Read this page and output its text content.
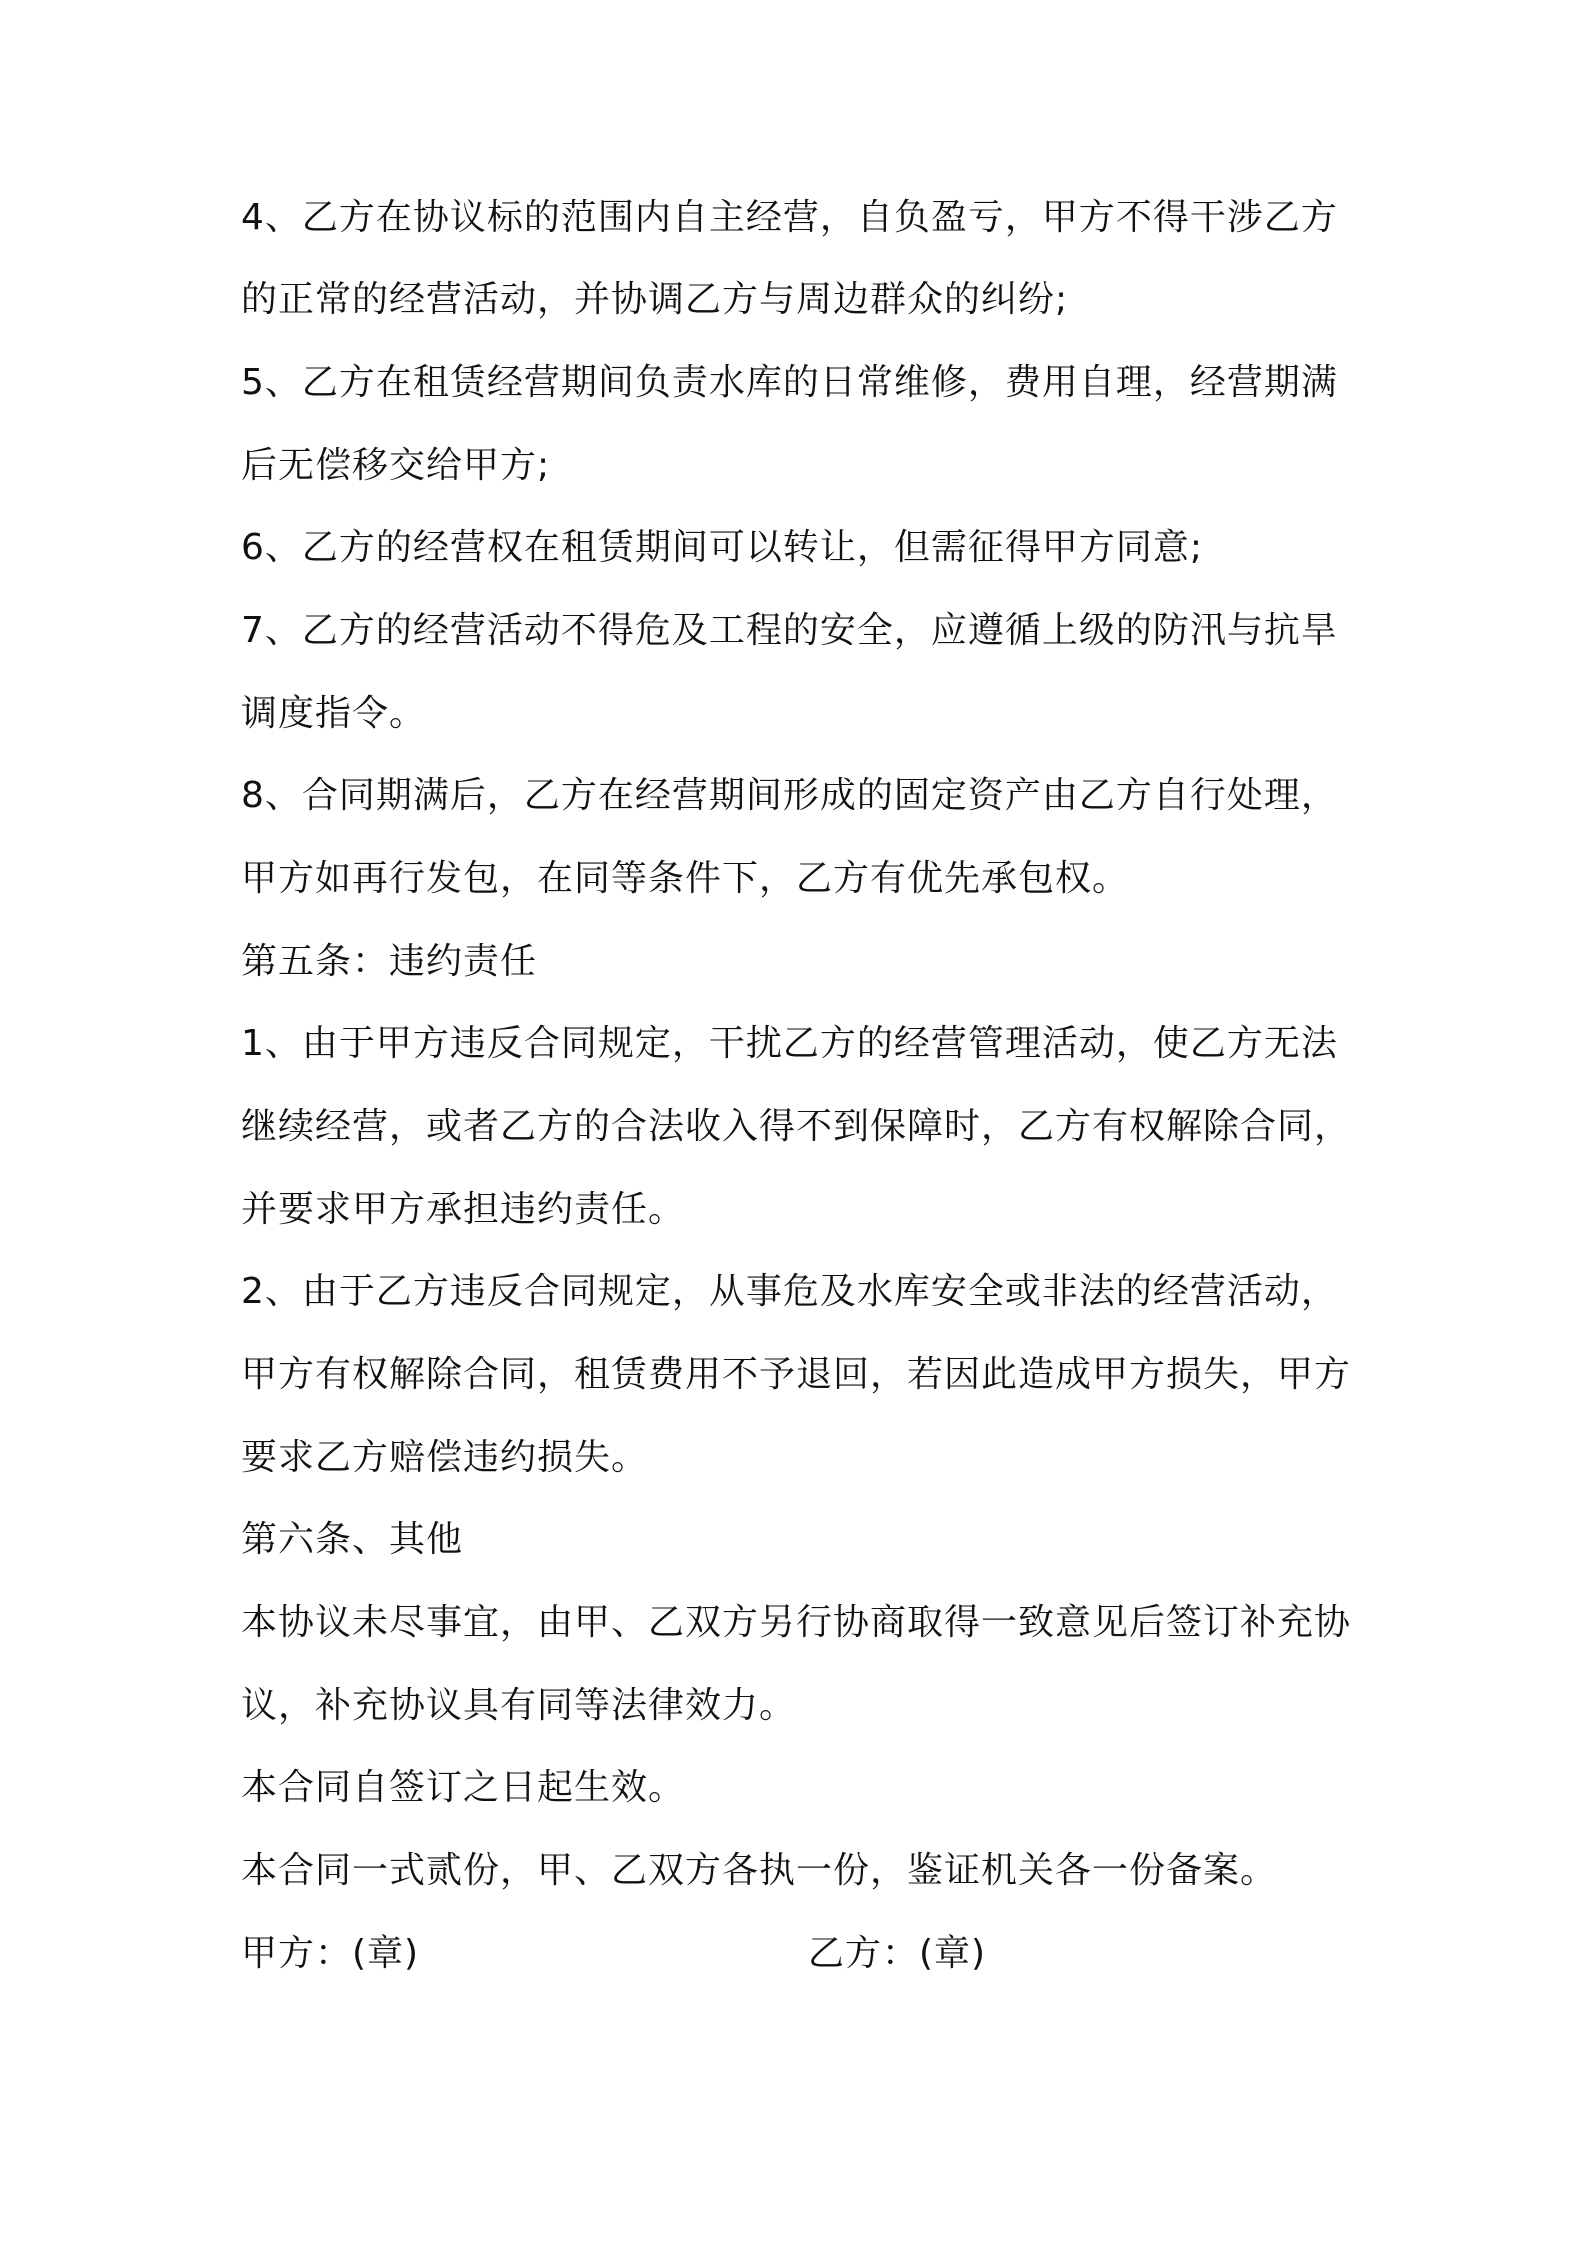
4、乙方在协议标的范围内自主经营，自负盈亏，甲方不得干涉乙方
的正常的经营活动，并协调乙方与周边群众的纠纷;
5、乙方在租赁经营期间负责水库的日常维修，费用自理，经营期满
后无偿移交给甲方;
6、乙方的经营权在租赁期间可以转让，但需征得甲方同意;
7、乙方的经营活动不得危及工程的安全，应遵循上级的防汛与抗旱
调度指令。
8、合同期满后，乙方在经营期间形成的固定资产由乙方自行处理，
甲方如再行发包，在同等条件下，乙方有优先承包权。
第五条：违约责任
1、由于甲方违反合同规定，干扰乙方的经营管理活动，使乙方无法
继续经营，或者乙方的合法收入得不到保障时，乙方有权解除合同，
并要求甲方承担违约责任。
2、由于乙方违反合同规定，从事危及水库安全或非法的经营活动，
甲方有权解除合同，租赁费用不予退回，若因此造成甲方损失，甲方
要求乙方赔偿违约损失。
第六条、其他
本协议未尽事宜，由甲、乙双方另行协商取得一致意见后签订补充协
议，补充协议具有同等法律效力。
本合同自签订之日起生效。
本合同一式贰份，甲、乙双方各执一份，鉴证机关各一份备案。
甲方：(章)	乙方：(章)
